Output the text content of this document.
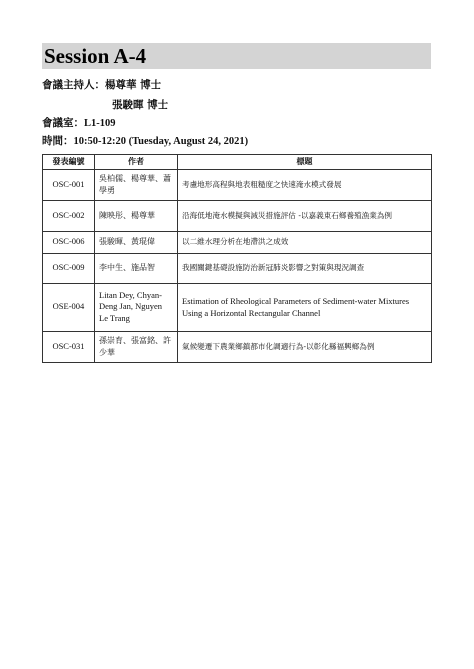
Session A-4
會議主持人：楊尊華 博士
張駿暉 博士
會議室：L1-109
時間：10:50-12:20 (Tuesday, August 24, 2021)
發表編號	作者	標題
OSC-001	吳柏儒、楊尊華、蕭學勇	考慮地形高程與地表粗糙度之快速淹水模式發展
OSC-002	陳映彤、楊尊華	沿海低地淹水模擬與減災措施評估 -以嘉義東石鄉養殖漁業為例
OSC-006	張駿暉、黃琨偉	以二維水理分析在地滯洪之成效
OSC-009	李中生、施品智	我國關鍵基礎設施防治新冠肺炎影響之對策與現況調查
OSE-004	Litan Dey, Chyan-Deng Jan, Nguyen Le Trang	Estimation of Rheological Parameters of Sediment-water Mixtures Using a Horizontal Rectangular Channel
OSC-031	孫崇育、張富銘、許少華	氣候變遷下農業鄉鎮都市化調適行為-以彰化縣福興鄉為例
